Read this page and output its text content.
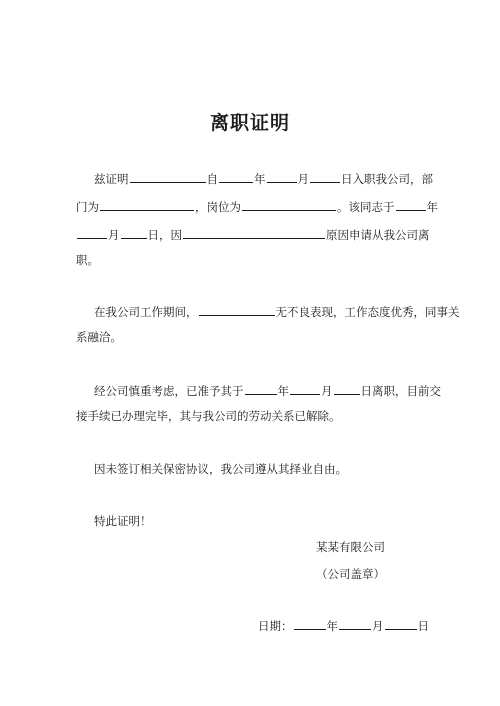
离职证明
兹证明	自	年	月	日入职我公司，部
门为	，岗位为	。该同志于	年
月 日，因	原因申请从我公司离
职。
在我公司工作期间，	无不良表现，工作态度优秀，同事关
系融洽。
经公司慎重考虑，已准予其于	年	月 日离职，目前交
接手续已办理完毕，其与我公司的劳动关系已解除。
因未签订相关保密协议，我公司遵从其择业自由。
特此证明！
某某有限公司
（公司盖章）
日期：	年	月	日
